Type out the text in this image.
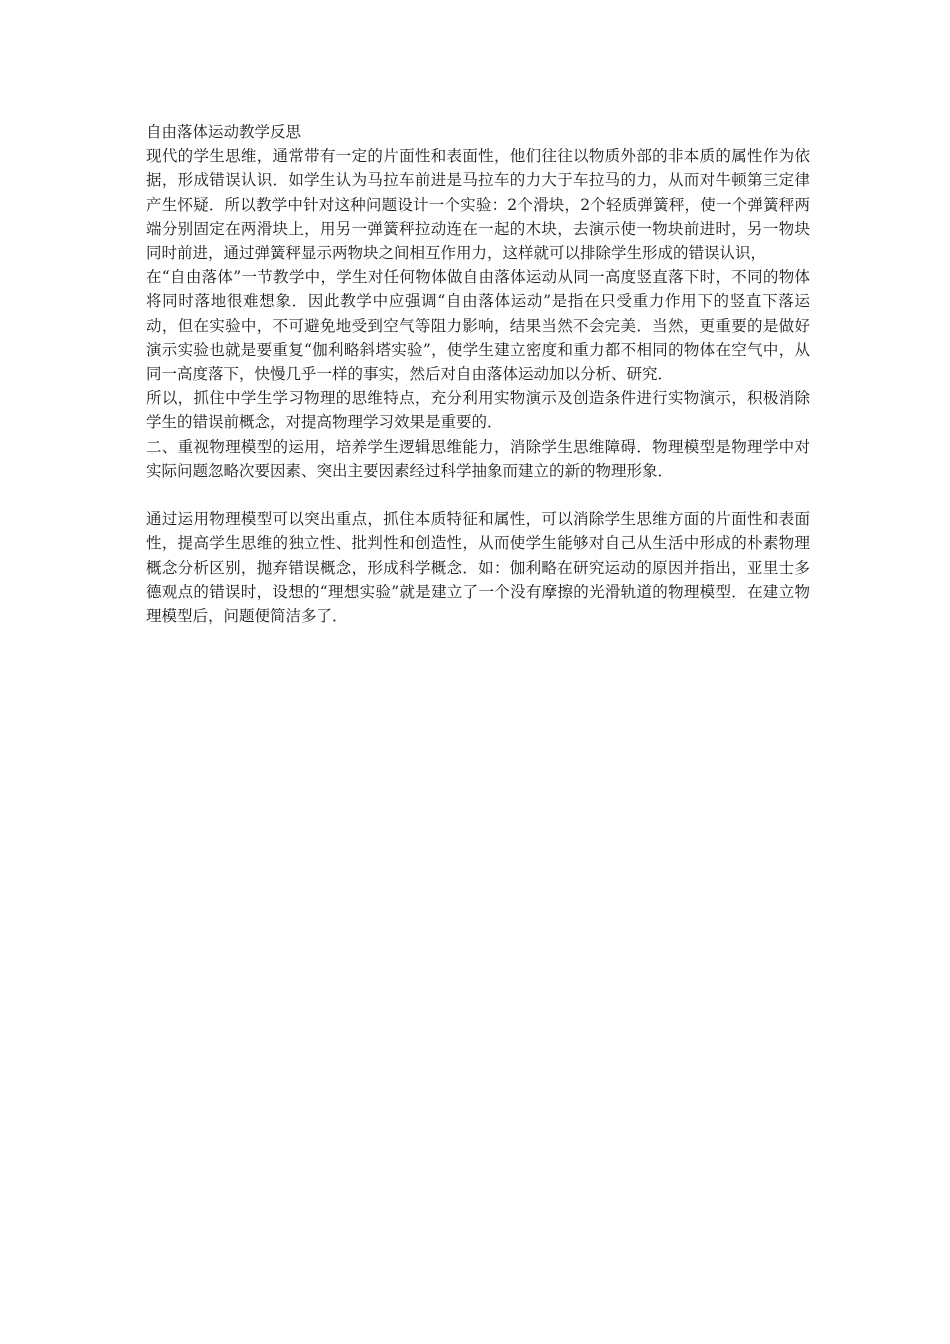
自由落体运动教学反思

现代的学生思维，通常带有一定的片面性和表面性，他们往往以物质外部的非本质的属性作为依据，形成错误认识．如学生认为马拉车前进是马拉车的力大于车拉马的力，从而对牛顿第三定律产生怀疑．所以教学中针对这种问题设计一个实验：2个滑块，2个轻质弹簧秤，使一个弹簧秤两端分别固定在两滑块上，用另一弹簧秤拉动连在一起的木块，去演示使一物块前进时，另一物块同时前进，通过弹簧秤显示两物块之间相互作用力，这样就可以排除学生形成的错误认识，

在“自由落体”一节教学中，学生对任何物体做自由落体运动从同一高度竖直落下时，不同的物体将同时落地很难想象．因此教学中应强调“自由落体运动”是指在只受重力作用下的竖直下落运动，但在实验中，不可避免地受到空气等阻力影响，结果当然不会完美．当然，更重要的是做好演示实验也就是要重复“伽利略斜塔实验”，使学生建立密度和重力都不相同的物体在空气中，从同一高度落下，快慢几乎一样的事实，然后对自由落体运动加以分析、研究．

所以，抓住中学生学习物理的思维特点，充分利用实物演示及创造条件进行实物演示，积极消除学生的错误前概念，对提高物理学习效果是重要的．

二、重视物理模型的运用，培养学生逻辑思维能力，消除学生思维障碍．物理模型是物理学中对实际问题忽略次要因素、突出主要因素经过科学抽象而建立的新的物理形象．

通过运用物理模型可以突出重点，抓住本质特征和属性，可以消除学生思维方面的片面性和表面性，提高学生思维的独立性、批判性和创造性，从而使学生能够对自己从生活中形成的朴素物理概念分析区别，抛弃错误概念，形成科学概念．如：伽利略在研究运动的原因并指出，亚里士多德观点的错误时，设想的“理想实验”就是建立了一个没有摩擦的光滑轨道的物理模型．在建立物理模型后，问题便简洁多了．
